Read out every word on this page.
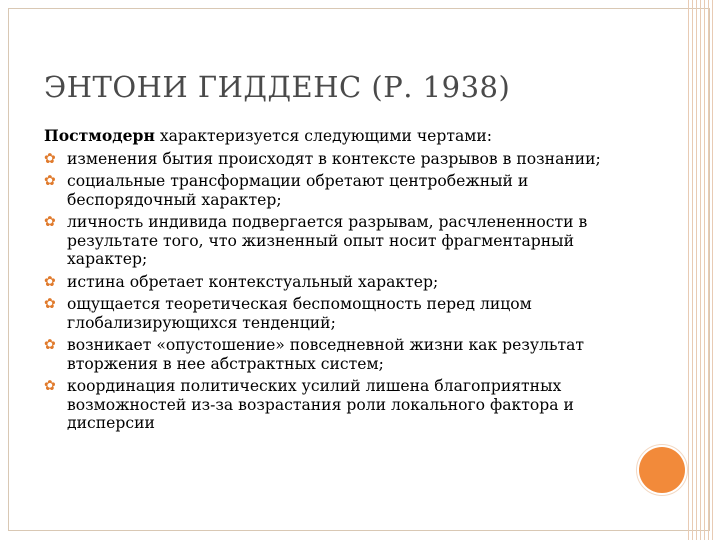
ЭНТОНИ ГИДДЕНС (Р. 1938)
Постмодерн характеризуется следующими чертами:
✿ изменения бытия происходят в контексте разрывов в познании;
✿ социальные трансформации обретают центробежный и беспорядочный характер;
✿ личность индивида подвергается разрывам, расчлененности в результате того, что жизненный опыт носит фрагментарный характер;
✿ истина обретает контекстуальный характер;
✿ ощущается теоретическая беспомощность перед лицом глобализирующихся тенденций;
✿ возникает «опустошение» повседневной жизни как результат вторжения в нее абстрактных систем;
✿ координация политических усилий лишена благоприятных возможностей из-за возрастания роли локального фактора и дисперсии
